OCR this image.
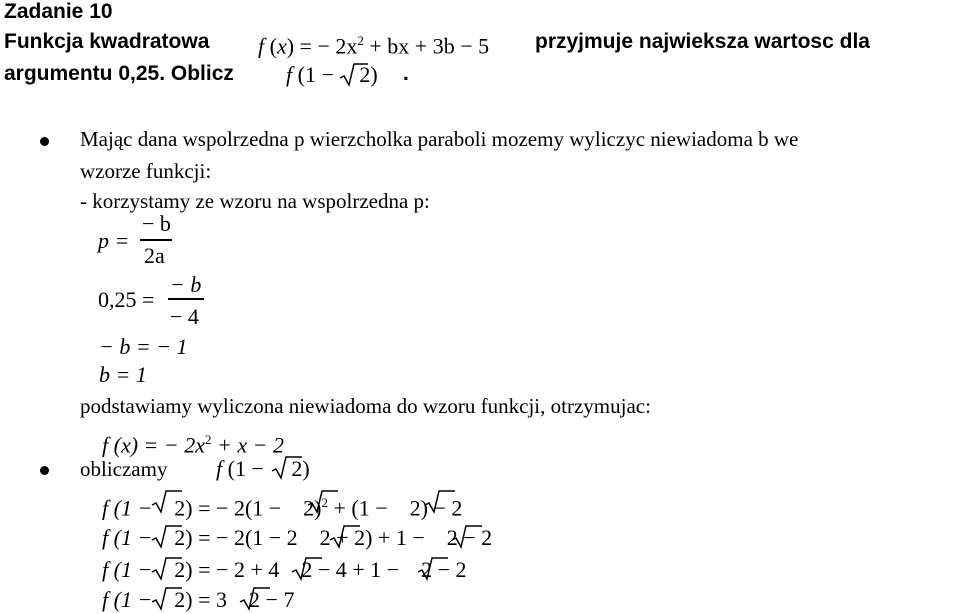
Zadanie 10
Funkcja kwadratowa f (x) = − $2x^2$ + bx + 3b − 5 przyjmuje najwieksza wartosc dla
argumentu 0,25. Oblicz f (1 − 2) .
Mając dana wspolrzedna p wierzcholka paraboli mozemy wyliczyc niewiadoma b we
wzorze funkcji:
- korzystamy ze wzoru na wspolrzedna p:
p =
− b
2a
0,25 =
− b
− 4
− b = − 1
b = 1
podstawiamy wyliczona niewiadoma do wzoru funkcji, otrzymujac:
f (x) = − $2x^2 + x - 2$
obliczamy f (1 − 2)
f (1 − 2) = − $2(1 - 2)^2 + (1 - 2) - 2$
f (1 − 2) = − 2(1 − 2 2 + 2) + 1 − 2 − 2
f (1 − 2) = − 2 + 4 2 − 4 + 1 − 2 − 2
f (1 − 2) = 3 2 − 7
